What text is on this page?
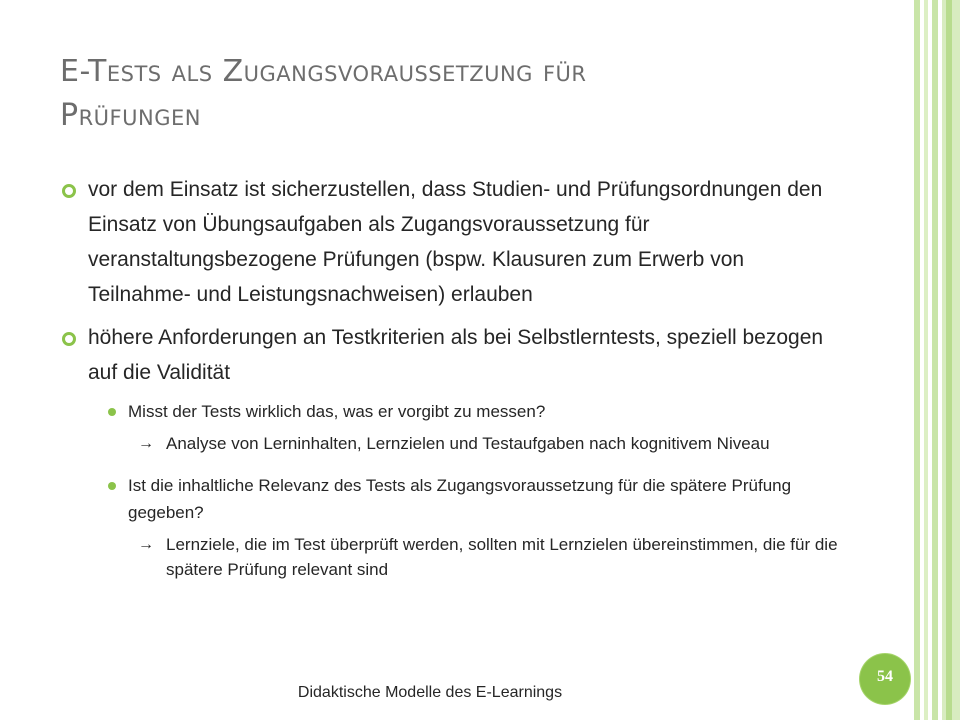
E-Tests als Zugangsvoraussetzung für
Prüfungen
vor dem Einsatz ist sicherzustellen, dass Studien- und Prüfungsordnungen den Einsatz von Übungsaufgaben als Zugangsvoraussetzung für veranstaltungsbezogene Prüfungen (bspw. Klausuren zum Erwerb von Teilnahme- und Leistungsnachweisen) erlauben
höhere Anforderungen an Testkriterien als bei Selbstlerntests, speziell bezogen auf die Validität
Misst der Tests wirklich das, was er vorgibt zu messen?
→ Analyse von Lerninhalten, Lernzielen und Testaufgaben nach kognitivem Niveau
Ist die inhaltliche Relevanz des Tests als Zugangsvoraussetzung für die spätere Prüfung gegeben?
→ Lernziele, die im Test überprüft werden, sollten mit Lernzielen übereinstimmen, die für die spätere Prüfung relevant sind
Didaktische Modelle des E-Learnings
54
